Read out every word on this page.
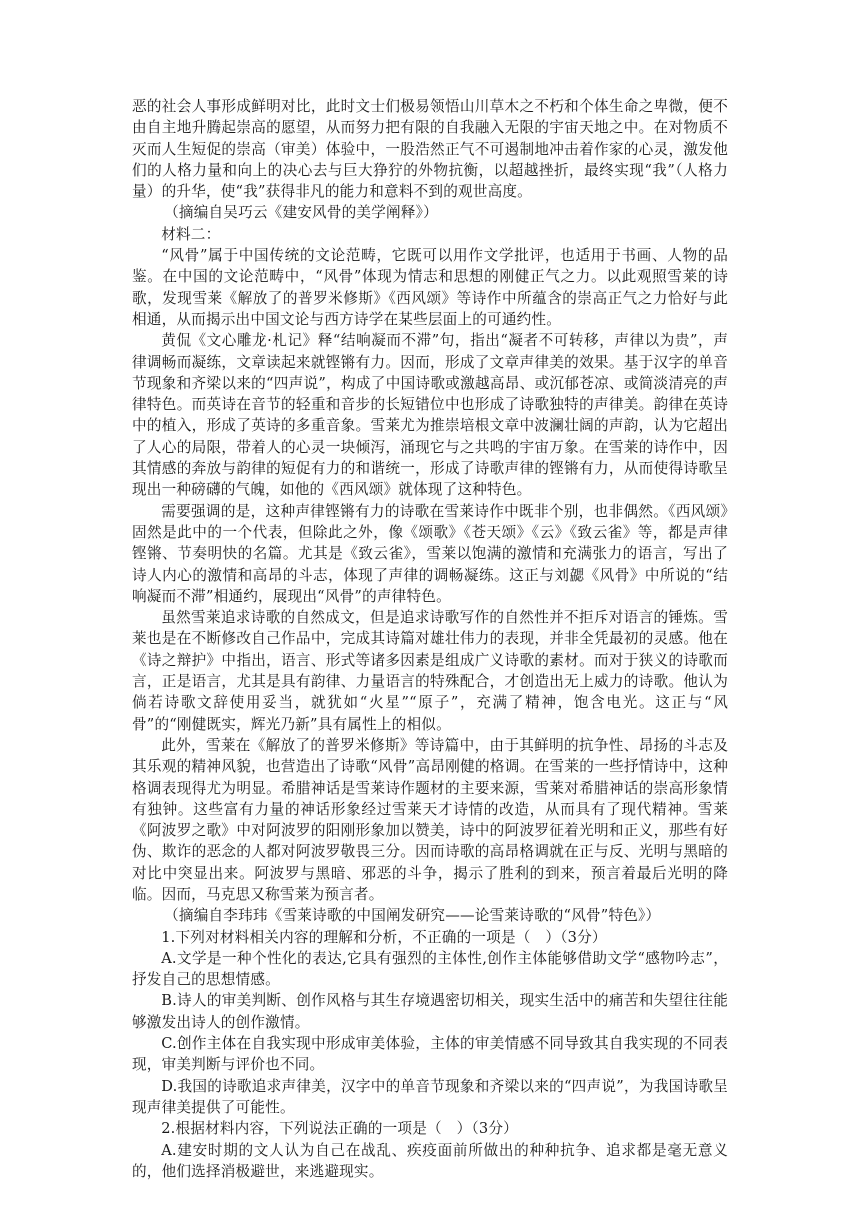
恶的社会人事形成鲜明对比，此时文士们极易领悟山川草木之不朽和个体生命之卑微，便不由自主地升腾起崇高的愿望，从而努力把有限的自我融入无限的宇宙天地之中。在对物质不灭而人生短促的崇高（审美）体验中，一股浩然正气不可遏制地冲击着作家的心灵，激发他们的人格力量和向上的决心去与巨大狰狞的外物抗衡，以超越挫折，最终实现“我”（人格力量）的升华，使“我”获得非凡的能力和意料不到的观世高度。

（摘编自吴巧云《建安风骨的美学阐释》）

材料二：

“风骨”属于中国传统的文论范畴，它既可以用作文学批评，也适用于书画、人物的品鉴。在中国的文论范畴中，“风骨”体现为情志和思想的刚健正气之力。以此观照雪莱的诗歌，发现雪莱《解放了的普罗米修斯》《西风颂》等诗作中所蕴含的崇高正气之力恰好与此相通，从而揭示出中国文论与西方诗学在某些层面上的可通约性。

黄侃《文心雕龙·札记》释“结响凝而不滞”句，指出“凝者不可转移，声律以为贵”，声律调畅而凝练，文章读起来就铿锵有力。因而，形成了文章声律美的效果。基于汉字的单音节现象和齐梁以来的“四声说”，构成了中国诗歌或激越高昂、或沉郁苍凉、或简淡清亮的声律特色。而英诗在音节的轻重和音步的长短错位中也形成了诗歌独特的声律美。韵律在英诗中的植入，形成了英诗的多重音象。雪莱尤为推崇培根文章中波澜壮阔的声韵，认为它超出了人心的局限，带着人的心灵一块倾泻，涌现它与之共鸣的宇宙万象。在雪莱的诗作中，因其情感的奔放与韵律的短促有力的和谐统一，形成了诗歌声律的铿锵有力，从而使得诗歌呈现出一种磅礴的气魄，如他的《西风颂》就体现了这种特色。

需要强调的是，这种声律铿锵有力的诗歌在雪莱诗作中既非个别，也非偶然。《西风颂》固然是此中的一个代表，但除此之外，像《颂歌》《苍天颂》《云》《致云雀》等，都是声律铿锵、节奏明快的名篇。尤其是《致云雀》，雪莱以饱满的激情和充满张力的语言，写出了诗人内心的激情和高昂的斗志，体现了声律的调畅凝练。这正与刘勰《风骨》中所说的“结响凝而不滞”相通约，展现出“风骨”的声律特色。

虽然雪莱追求诗歌的自然成文，但是追求诗歌写作的自然性并不拒斥对语言的锤炼。雪莱也是在不断修改自己作品中，完成其诗篇对雄壮伟力的表现，并非全凭最初的灵感。他在《诗之辩护》中指出，语言、形式等诸多因素是组成广义诗歌的素材。而对于狭义的诗歌而言，正是语言，尤其是具有韵律、力量语言的特殊配合，才创造出无上威力的诗歌。他认为倘若诗歌文辞使用妥当，就犹如“火星”“原子”，充满了精神，饱含电光。这正与“风骨”的“刚健既实，辉光乃新”具有属性上的相似。

此外，雪莱在《解放了的普罗米修斯》等诗篇中，由于其鲜明的抗争性、昂扬的斗志及其乐观的精神风貌，也营造出了诗歌“风骨”高昂刚健的格调。在雪莱的一些抒情诗中，这种格调表现得尤为明显。希腊神话是雪莱诗作题材的主要来源，雪莱对希腊神话的崇高形象情有独钟。这些富有力量的神话形象经过雪莱天才诗情的改造，从而具有了现代精神。雪莱《阿波罗之歌》中对阿波罗的阳刚形象加以赞美，诗中的阿波罗征着光明和正义，那些有好伪、欺诈的恶念的人都对阿波罗敬畏三分。因而诗歌的高昂格调就在正与反、光明与黑暗的对比中突显出来。阿波罗与黑暗、邪恶的斗争，揭示了胜利的到来，预言着最后光明的降临。因而，马克思又称雪莱为预言者。

（摘编自李玮玮《雪莱诗歌的中国阐发研究——论雪莱诗歌的“风骨”特色》）

1.下列对材料相关内容的理解和分析，不正确的一项是（　）（3分）

A.文学是一种个性化的表达,它具有强烈的主体性,创作主体能够借助文学“感物吟志”，抒发自己的思想情感。

B.诗人的审美判断、创作风格与其生存境遇密切相关，现实生活中的痛苦和失望往往能够激发出诗人的创作激情。

C.创作主体在自我实现中形成审美体验，主体的审美情感不同导致其自我实现的不同表现，审美判断与评价也不同。

D.我国的诗歌追求声律美，汉字中的单音节现象和齐梁以来的“四声说”，为我国诗歌呈现声律美提供了可能性。

2.根据材料内容，下列说法正确的一项是（　）（3分）

A.建安时期的文人认为自己在战乱、疾疫面前所做出的种种抗争、追求都是毫无意义的，他们选择消极避世，来逃避现实。
